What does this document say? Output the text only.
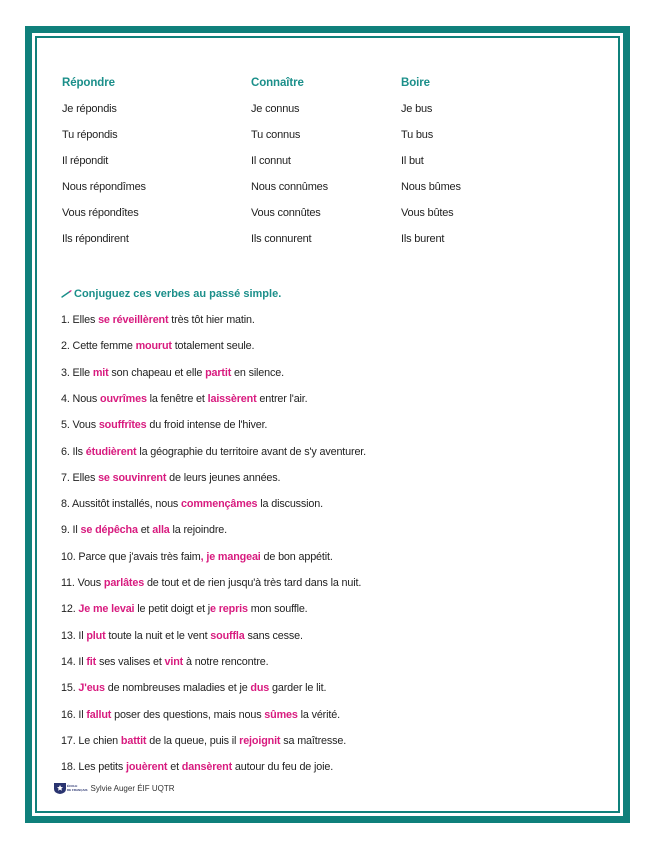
Répondre	Connaître	Boire
Je répondis
Tu répondis
Il répondit
Nous répondîmes
Vous répondîtes
Ils répondirent
Je connus
Tu connus
Il connut
Nous connûmes
Vous connûtes
Ils connurent
Je bus
Tu bus
Il but
Nous bûmes
Vous bûtes
Ils burent
Conjuguez ces verbes au passé simple.
1. Elles se réveillèrent très tôt hier matin.
2. Cette femme mourut totalement seule.
3. Elle mit son chapeau et elle partit en silence.
4. Nous ouvrîmes la fenêtre et laissèrent entrer l'air.
5. Vous souffrîtes du froid intense de l'hiver.
6. Ils étudièrent la géographie du territoire avant de s'y aventurer.
7. Elles se souvinrent de leurs jeunes années.
8. Aussitôt installés, nous commençâmes la discussion.
9. Il se dépêcha et alla la rejoindre.
10. Parce que j'avais très faim, je mangeai de bon appétit.
11. Vous parlâtes de tout et de rien jusqu'à très tard dans la nuit.
12. Je me levai le petit doigt et je repris mon souffle.
13. Il plut toute la nuit et le vent souffla sans cesse.
14. Il fit ses valises et vint à notre rencontre.
15. J'eus de nombreuses maladies et je dus garder le lit.
16. Il fallut poser des questions, mais nous sûmes la vérité.
17. Le chien battit de la queue, puis il rejoignit sa maîtresse.
18. Les petits jouèrent et dansèrent autour du feu de joie.
ÉCOLE
DE FRANÇAIS Sylvie Auger ÉIF UQTR
